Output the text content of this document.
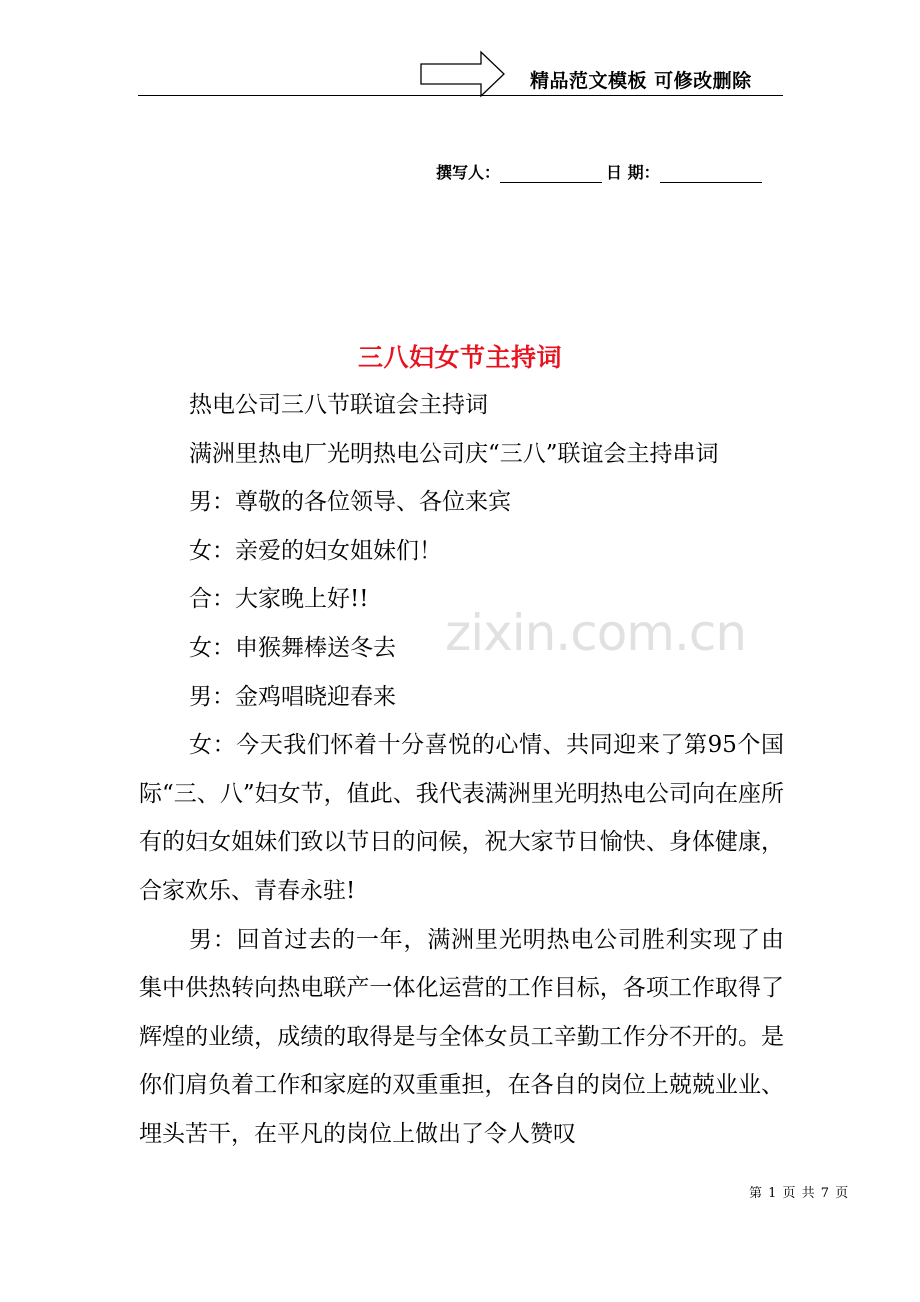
精品范文模板 可修改删除
撰写人：	日 期：
三八妇女节主持词

热电公司三八节联谊会主持词

满洲里热电厂光明热电公司庆“三八”联谊会主持串词

男：尊敬的各位领导、各位来宾

女：亲爱的妇女姐妹们！

合：大家晚上好!!

女：申猴舞棒送冬去

男：金鸡唱晓迎春来

女：今天我们怀着十分喜悦的心情、共同迎来了第95个国际“三、八”妇女节，值此、我代表满洲里光明热电公司向在座所有的妇女姐妹们致以节日的问候，祝大家节日愉快、身体健康，合家欢乐、青春永驻!

男：回首过去的一年，满洲里光明热电公司胜利实现了由集中供热转向热电联产一体化运营的工作目标，各项工作取得了辉煌的业绩，成绩的取得是与全体女员工辛勤工作分不开的。是你们肩负着工作和家庭的双重重担，在各自的岗位上兢兢业业、埋头苦干，在平凡的岗位上做出了令人赞叹

zixin.com.cn
第 1 页 共 7 页
